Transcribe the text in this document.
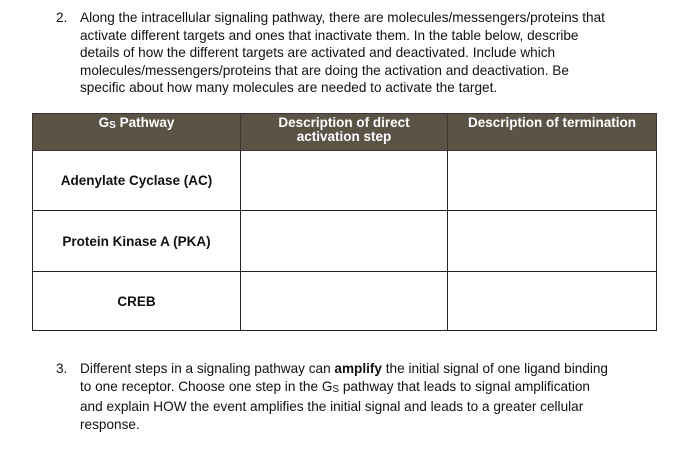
2. Along the intracellular signaling pathway, there are molecules/messengers/proteins that
activate different targets and ones that inactivate them. In the table below, describe
details of how the different targets are activated and deactivated. Include which
molecules/messengers/proteins that are doing the activation and deactivation. Be
specific about how many molecules are needed to activate the target.
GS Pathway	Description of direct activation step	Description of termination
Adenylate Cyclase (AC)		
Protein Kinase A (PKA)		
CREB		
3. Different steps in a signaling pathway can amplify the initial signal of one ligand binding
to one receptor. Choose one step in the GS pathway that leads to signal amplification
and explain HOW the event amplifies the initial signal and leads to a greater cellular
response.
